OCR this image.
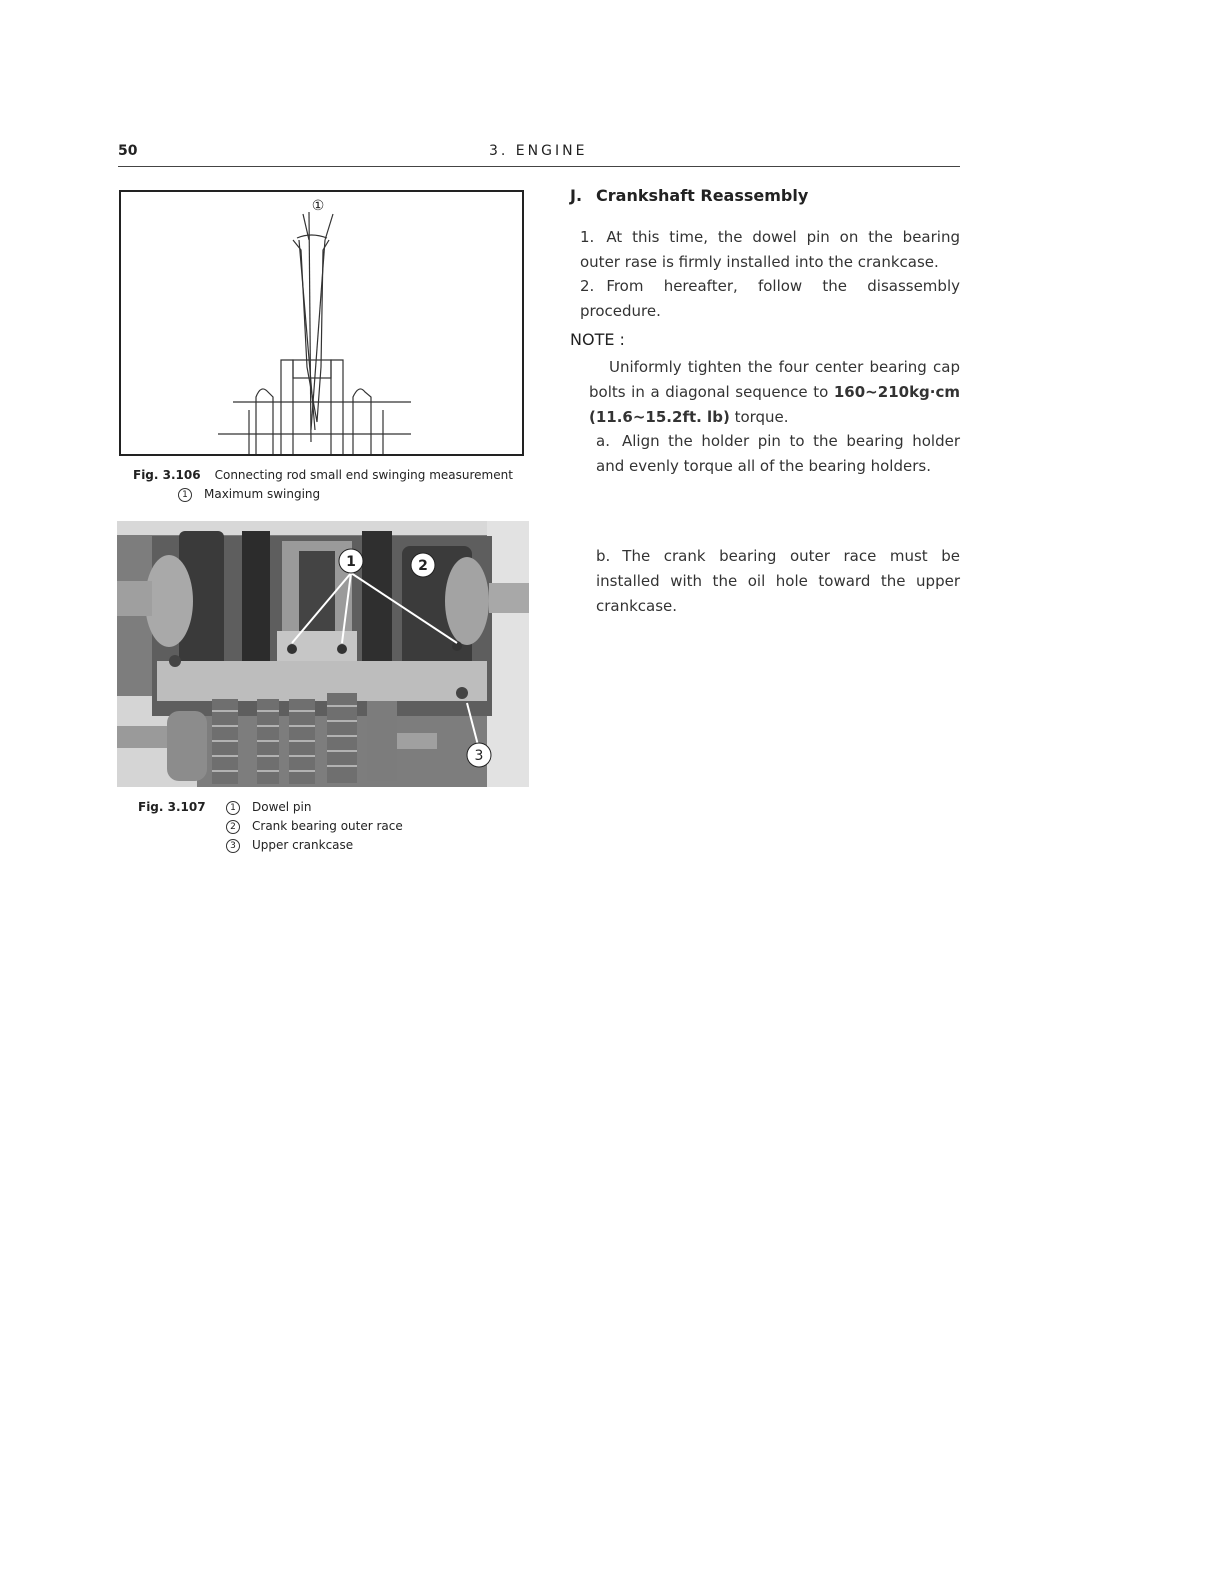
50	3. ENGINE
①
Fig. 3.106 Connecting rod small end swinging measurement
1 Maximum swinging
1	2
3
Fig. 3.107	1 Dowel pin
2 Crank bearing outer race
3 Upper crankcase
J. Crankshaft Reassembly
1. At this time, the dowel pin on the bearing outer rase is firmly installed into the crankcase.
2. From hereafter, follow the disassembly procedure.
NOTE :
Uniformly tighten the four center bearing cap bolts in a diagonal sequence to 160~210kg·cm (11.6~15.2ft. lb) torque.
a. Align the holder pin to the bearing holder and evenly torque all of the bearing holders.
b. The crank bearing outer race must be installed with the oil hole toward the upper crankcase.
